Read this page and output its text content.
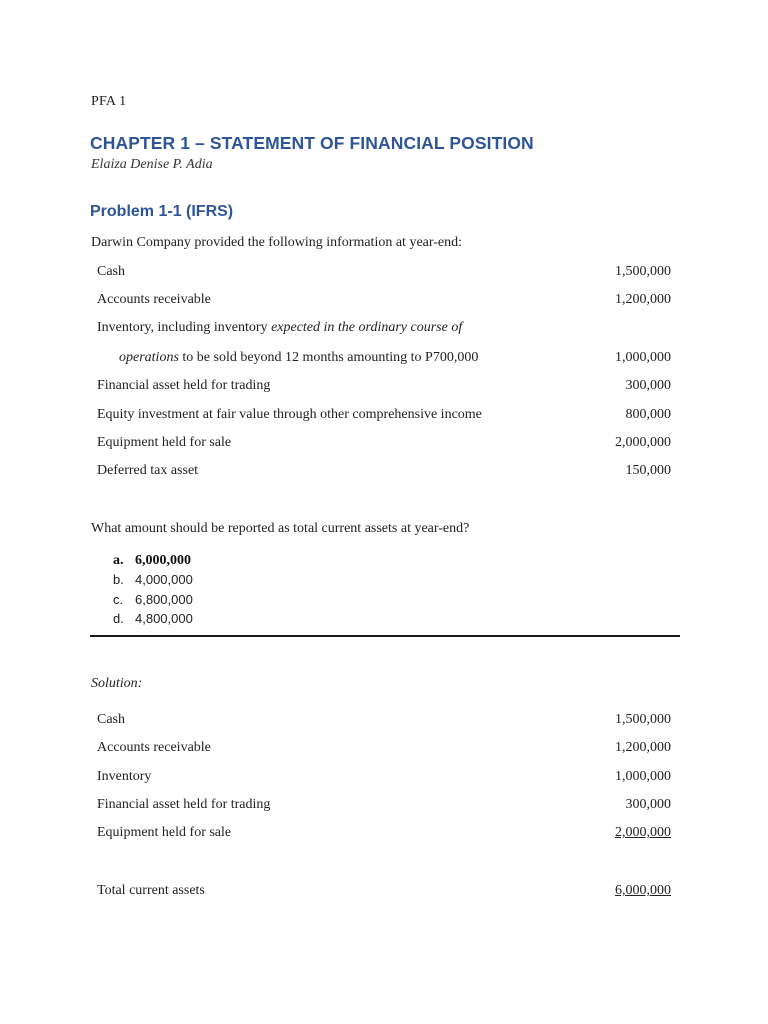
PFA 1
CHAPTER 1 – STATEMENT OF FINANCIAL POSITION
Elaiza Denise P. Adia
Problem 1-1 (IFRS)
Darwin Company provided the following information at year-end:
Cash	1,500,000
Accounts receivable	1,200,000
Inventory, including inventory expected in the ordinary course of
operations to be sold beyond 12 months amounting to P700,000	1,000,000
Financial asset held for trading	300,000
Equity investment at fair value through other comprehensive income	800,000
Equipment held for sale	2,000,000
Deferred tax asset	150,000
What amount should be reported as total current assets at year-end?
a. 6,000,000
b. 4,000,000
c. 6,800,000
d. 4,800,000
Solution:
Cash	1,500,000
Accounts receivable	1,200,000
Inventory	1,000,000
Financial asset held for trading	300,000
Equipment held for sale	2,000,000
Total current assets	6,000,000
